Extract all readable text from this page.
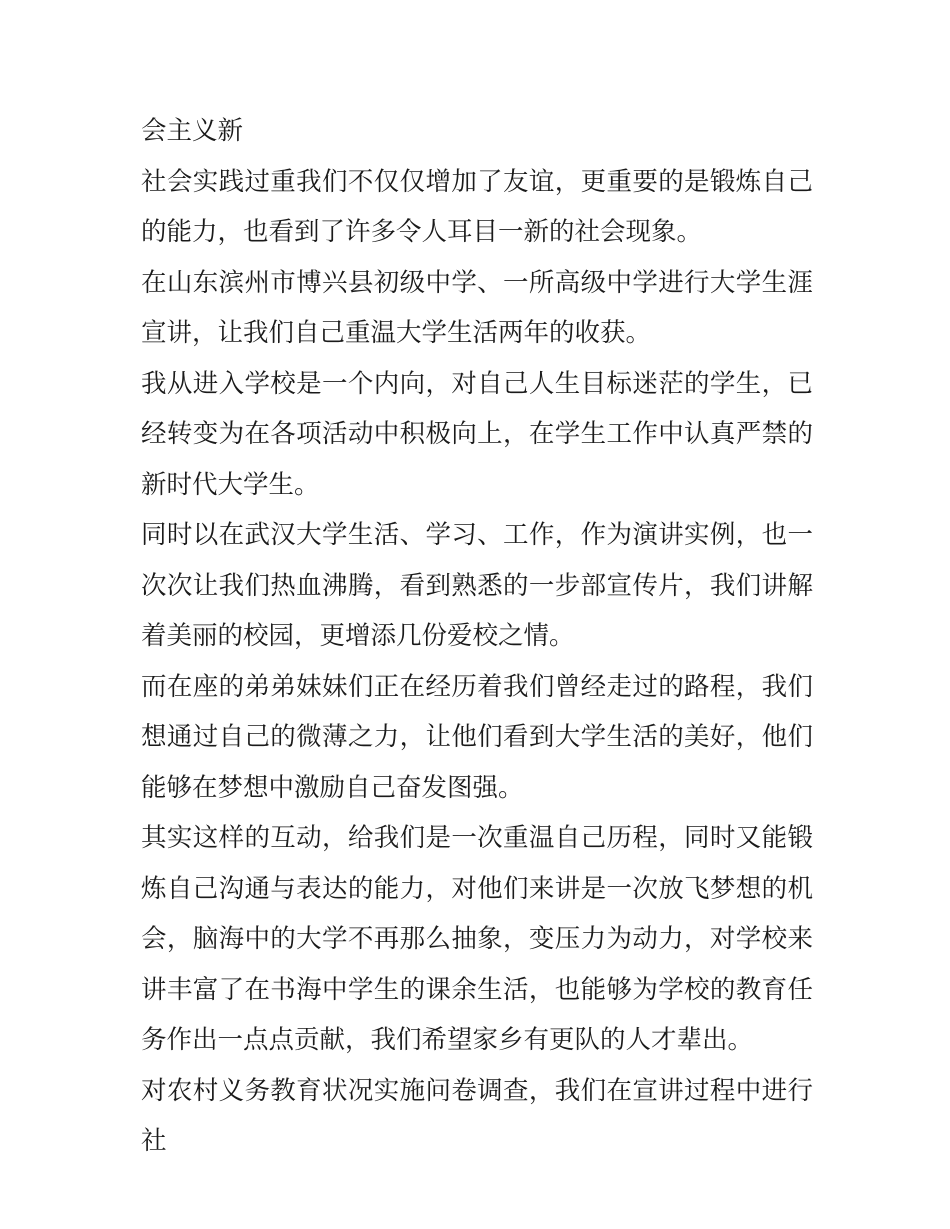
会主义新

社会实践过重我们不仅仅增加了友谊，更重要的是锻炼自己的能力，也看到了许多令人耳目一新的社会现象。

在山东滨州市博兴县初级中学、一所高级中学进行大学生涯宣讲，让我们自己重温大学生活两年的收获。

我从进入学校是一个内向，对自己人生目标迷茫的学生，已经转变为在各项活动中积极向上，在学生工作中认真严禁的新时代大学生。

同时以在武汉大学生活、学习、工作，作为演讲实例，也一次次让我们热血沸腾，看到熟悉的一步部宣传片，我们讲解着美丽的校园，更增添几份爱校之情。

而在座的弟弟妹妹们正在经历着我们曾经走过的路程，我们想通过自己的微薄之力，让他们看到大学生活的美好，他们能够在梦想中激励自己奋发图强。

其实这样的互动，给我们是一次重温自己历程，同时又能锻炼自己沟通与表达的能力，对他们来讲是一次放飞梦想的机会，脑海中的大学不再那么抽象，变压力为动力，对学校来讲丰富了在书海中学生的课余生活，也能够为学校的教育任务作出一点点贡献，我们希望家乡有更队的人才辈出。

对农村义务教育状况实施问卷调查，我们在宣讲过程中进行社
